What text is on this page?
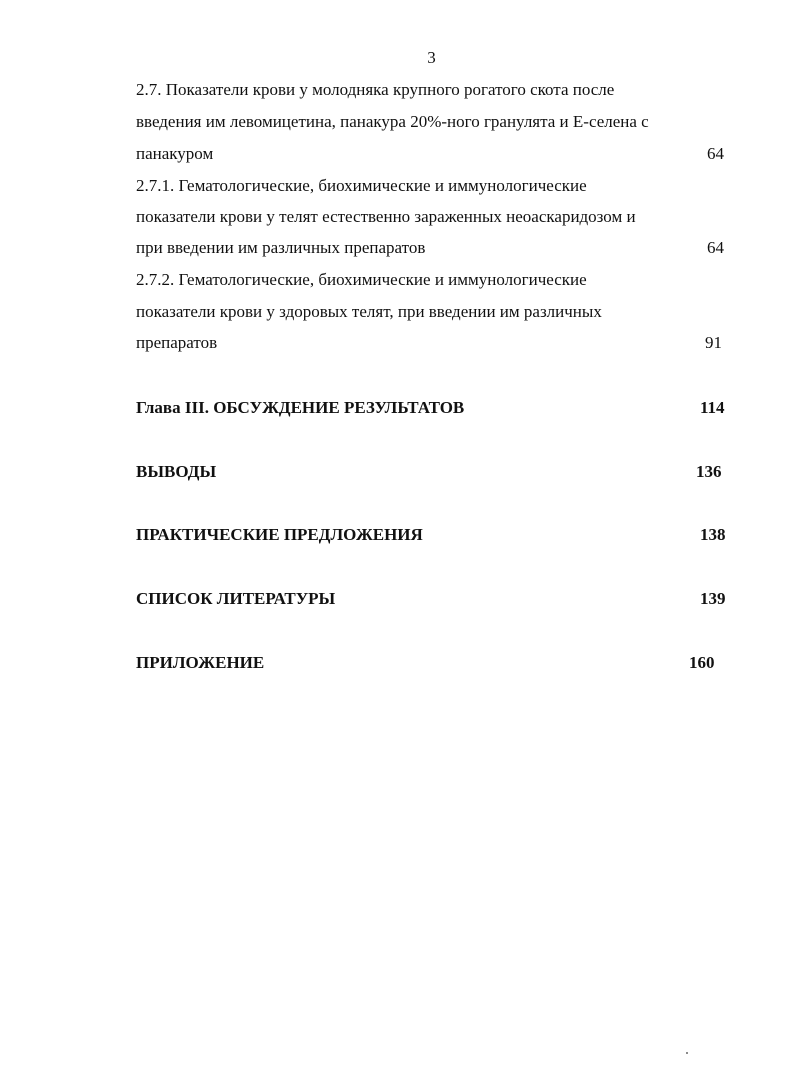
3
2.7. Показатели крови у молодняка крупного рогатого скота после
введения им левомицетина, панакура 20%-ного гранулята и Е-селена с
панакуром	64
2.7.1. Гематологические, биохимические и иммунологические
показатели крови у телят естественно зараженных неоаскаридозом и
при введении им различных препаратов	64
2.7.2. Гематологические, биохимические и иммунологические
показатели крови у здоровых телят, при введении им различных
препаратов	91
Глава III. ОБСУЖДЕНИЕ РЕЗУЛЬТАТОВ	114
ВЫВОДЫ	136
ПРАКТИЧЕСКИЕ ПРЕДЛОЖЕНИЯ	138
СПИСОК ЛИТЕРАТУРЫ	139
ПРИЛОЖЕНИЕ	160
